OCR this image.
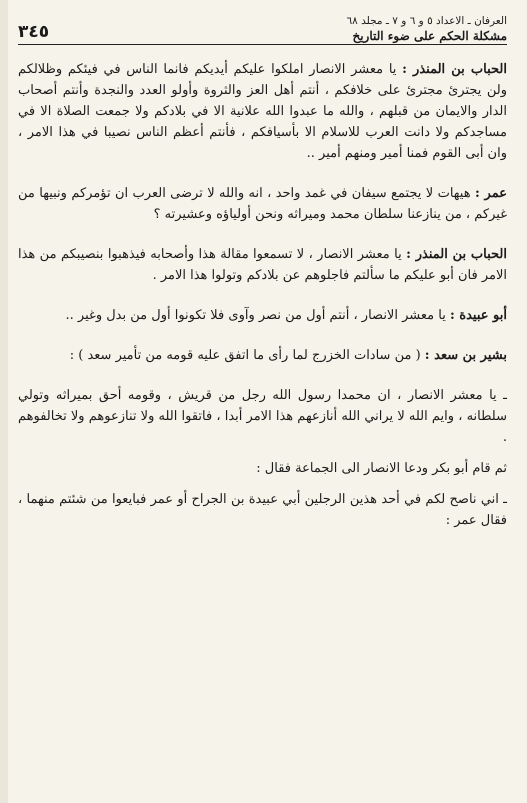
العرفان ـ الاعداد ٥ و ٦ و ٧ ـ مجلد ٦٨
مشكلة الحكم على ضوء التاريخ
٣٤٥

الحباب بن المنذر : يا معشر الانصار املكوا عليكم أيديكم فانما الناس في فيئكم وظلالكم ولن يجترئ مجترئ على خلافكم ، أنتم أهل العز والثروة وأولو العدد والنجدة وأنتم أصحاب الدار والايمان من قبلهم ، والله ما عبدوا الله علانية الا في بلادكم ولا جمعت الصلاة الا في مساجدكم ولا دانت العرب للاسلام الا بأسيافكم ، فأنتم أعظم الناس نصيبا في هذا الامر ، وان أبى القوم فمنا أمير ومنهم أمير ..

عمر : هيهات لا يجتمع سيفان في غمد واحد ، انه والله لا ترضى العرب ان تؤمركم ونبيها من غيركم ، من ينازعنا سلطان محمد وميراثه ونحن أولياؤه وعشيرته ؟

الحباب بن المنذر : يا معشر الانصار ، لا تسمعوا مقالة هذا وأصحابه فيذهبوا بنصيبكم من هذا الامر فان أبو عليكم ما سألتم فاجلوهم عن بلادكم وتولوا هذا الامر .

أبو عبيدة : يا معشر الانصار ، أنتم أول من نصر وآوى فلا تكونوا أول من بدل وغير ..

بشير بن سعد : ( من سادات الخزرج لما رأى ما اتفق عليه قومه من تأمير سعد ) :

ـ يا معشر الانصار ، ان محمدا رسول الله رجل من قريش ، وقومه أحق بميراثه وتولي سلطانه ، وايم الله لا يراني الله أنازعهم هذا الامر أبدا ، فاتقوا الله ولا تنازعوهم ولا تخالفوهم .

ثم قام أبو بكر ودعا الانصار الى الجماعة فقال :

ـ اني ناصح لكم في أحد هذين الرجلين أبي عبيدة بن الجراح أو عمر فبايعوا من شئتم منهما ، فقال عمر :
